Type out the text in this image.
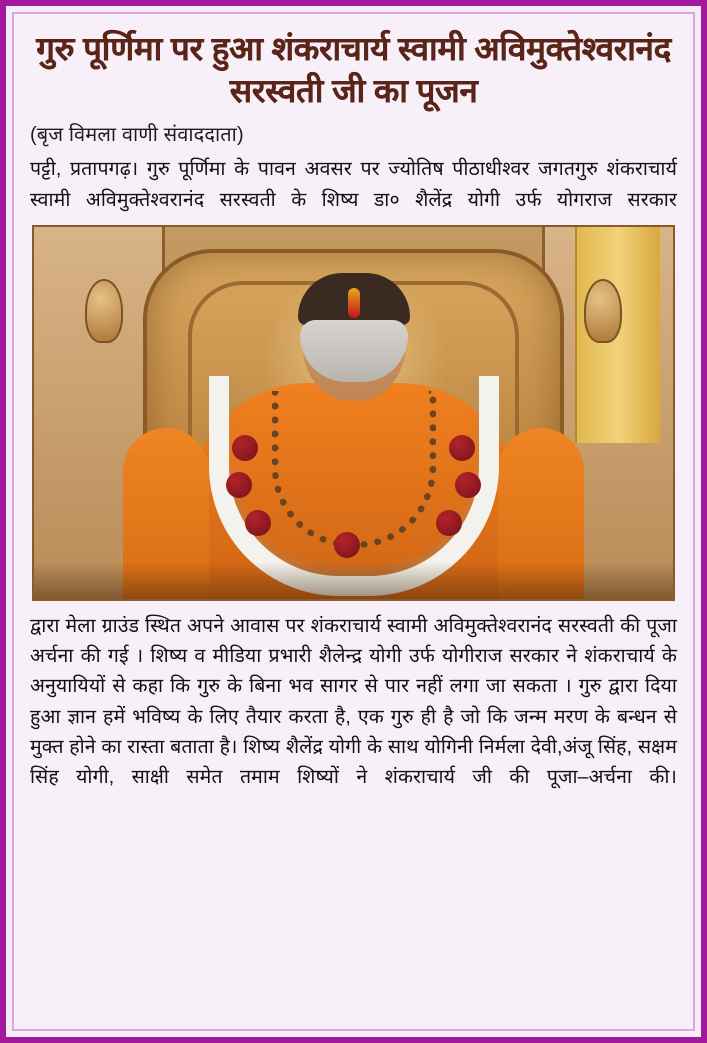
गुरु पूर्णिमा पर हुआ शंकराचार्य स्वामी अविमुक्तेश्वरानंद सरस्वती जी का पूजन
(बृज विमला वाणी संवाददाता)

पट्टी, प्रतापगढ़। गुरु पूर्णिमा के पावन अवसर पर ज्योतिष पीठाधीश्वर जगतगुरु शंकराचार्य स्वामी अविमुक्तेश्वरानंद सरस्वती के शिष्य डा० शैलेंद्र योगी उर्फ योगराज सरकार

द्वारा मेला ग्राउंड स्थित अपने आवास पर शंकराचार्य स्वामी अविमुक्तेश्वरानंद सरस्वती की पूजा अर्चना की गई । शिष्य व मीडिया प्रभारी शैलेन्द्र योगी उर्फ योगीराज सरकार ने शंकराचार्य के अनुयायियों से कहा कि गुरु के बिना भव सागर से पार नहीं लगा जा सकता । गुरु द्वारा दिया हुआ ज्ञान हमें भविष्य के लिए तैयार करता है, एक गुरु ही है जो कि जन्म मरण के बन्धन से मुक्त होने का रास्ता बताता है। शिष्य शैलेंद्र योगी के साथ योगिनी निर्मला देवी,अंजू सिंह, सक्षम सिंह योगी, साक्षी समेत तमाम शिष्यों ने शंकराचार्य जी की पूजा–अर्चना की।
